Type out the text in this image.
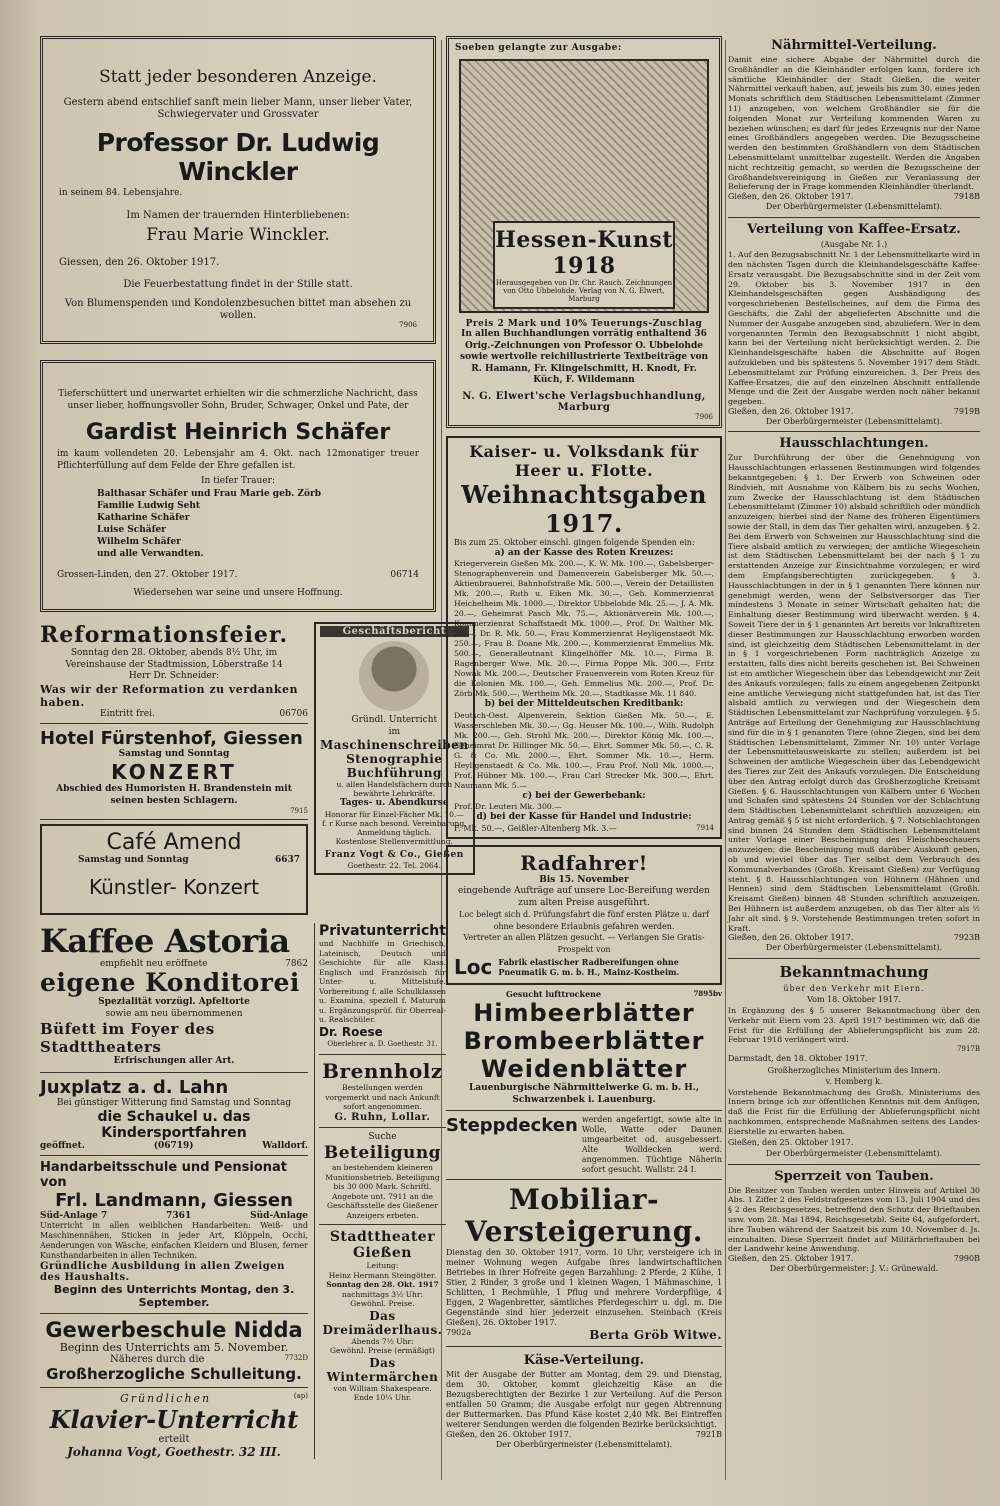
Statt jeder besonderen Anzeige.

Gestern abend entschlief sanft mein lieber Mann, unser lieber Vater, Schwiegervater und Grossvater

Professor Dr. Ludwig Winckler

in seinem 84. Lebensjahre.

Im Namen der trauernden Hinterbliebenen:

Frau Marie Winckler.

Giessen, den 26. Oktober 1917.

Die Feuerbestattung findet in der Stille statt.

Von Blumenspenden und Kondolenzbesuchen bittet man absehen zu wollen.

7906

Tieferschüttert und unerwartet erhielten wir die schmerzliche Nachricht, dass unser lieber, hoffnungsvoller Sohn, Bruder, Schwager, Onkel und Pate, der

Gardist Heinrich Schäfer

im kaum vollendeten 20. Lebensjahr am 4. Okt. nach 12monatiger treuer Pflichterfüllung auf dem Felde der Ehre gefallen ist.

In tiefer Trauer:

Balthasar Schäfer und Frau Marie geb. Zörb

Familie Ludwig Seht

Katharine Schäfer

Luise Schäfer

Wilhelm Schäfer

und alle Verwandten.

Grossen-Linden, den 27. Oktober 1917.	06714

Wiedersehen war seine und unsere Hoffnung.

Reformationsfeier.

Sonntag den 28. Oktober, abends 8½ Uhr, im Vereinshause der Stadtmission, Löberstraße 14

Herr Dr. Schneider:

Was wir der Reformation zu verdanken haben.

Eintritt frei.	06706

Hotel Fürstenhof, Giessen

Samstag und Sonntag

KONZERT

Abschied des Humoristen H. Brandenstein mit seinen besten Schlagern.

7915

Café Amend

Samstag und Sonntag	6637

Künstler- Konzert

Geschäftsbericht

Gründl. Unterricht

im

Maschinenschreiben

Stenographie

Buchführung

u. allen Handelsfächern durch bewährte Lehrkräfte.

Tages- u. Abendkurse

Honorar für Einzel-Fächer Mk. 10.—

f. r Kurse nach besond. Vereinbarung.

Anmeldung täglich.

Kostenlose Stellenvermittlung.

Franz Vogt & Co., Gießen

Goethestr. 22. Tel. 2064.

Kaffee Astoria

empfiehlt neu eröffnete	7862

eigene Konditorei

Spezialität vorzügl. Apfeltorte

sowie am neu übernommenen

Büfett im Foyer des Stadttheaters

Erfrischungen aller Art.

Juxplatz a. d. Lahn

Bei günstiger Witterung find Samstag und Sonntag

die Schaukel u. das Kindersportfahren

geöffnet.	(06719)	Walldorf.

Handarbeitsschule und Pensionat von

Frl. Landmann, Giessen

Süd-Anlage 7	7361	Süd-Anlage

Unterricht in allen weiblichen Handarbeiten: Weiß- und Maschinennähen, Sticken in jeder Art, Klöppeln, Occhi, Aenderungen von Wäsche, einfachen Kleidern und Blusen, ferner Kunsthandarbeiten in allen Techniken.

Gründliche Ausbildung in allen Zweigen des Haushalts.

Beginn des Unterrichts Montag, den 3. September.

Gewerbeschule Nidda

Beginn des Unterrichts am 5. November.

Näheres durch die	7732D

Großherzogliche Schulleitung.

Gründlichen	(ap)

Klavier-Unterricht

erteilt

Johanna Vogt, Goethestr. 32 III.

Privatunterricht

und Nachhilfe in Griechisch, Lateinisch, Deutsch und Geschichte für alle Klass. Englisch und Französisch für Unter- u. Mittelstufe. Vorbereitung f. alle Schulklassen u. Examina, speziell f. Maturum u. Ergänzungsprüf. für Oberreal- u. Realschüler.

Dr. Roese

Oberlehrer a. D. Goethestr. 31.

Brennholz

Bestellungen werden vorgemerkt und nach Ankunft sofort angenommen.

G. Ruhn, Lollar.

Suche

Beteiligung

an bestehendem kleineren Munitionsbetrieb. Beteiligung bis 30 000 Mark. Schriftl. Angebote unt. 7911 an die Geschäftsstelle des Gießener Anzeigers erbeten.

Stadttheater Gießen

Leitung:

Heinz Hermann Steingötter.

Sonntag den 28. Okt. 1917

nachmittags 3½ Uhr:

Gewöhnl. Preise.

Das Dreimäderlhaus.

Abends 7½ Uhr:

Gewöhnl. Preise (ermäßigt)

Das Wintermärchen

von William Shakespeare.

Ende 10¼ Uhr.

Soeben gelangte zur Ausgabe:

Hessen-Kunst 1918

Herausgegeben von Dr. Chr. Rauch. Zeichnungen von Otto Ubbelohde. Verlag von N. G. Elwert, Marburg

Preis 2 Mark und 10% Teuerungs-Zuschlag

In allen Buchhandlungen vorrätig enthaltend 36 Orig.-Zeichnungen von Professor O. Ubbelohde sowie wertvolle reichillustrierte Textbeiträge von R. Hamann, Fr. Klingelschmitt, H. Knodt, Fr. Küch, F. Wildemann

N. G. Elwert'sche Verlagsbuchhandlung, Marburg

7906

Kaiser- u. Volksdank für Heer u. Flotte.

Weihnachtsgaben 1917.

Bis zum 25. Oktober einschl. gingen folgende Spenden ein:

a) an der Kasse des Roten Kreuzes:

Kriegerverein Gießen Mk. 200.—, K. W. Mk. 100.—, Gabelsberger-Stenographenverein und Damenverein Gabelsberger Mk. 50.—, Aktienbrauerei, Bahnhofstraße Mk. 500.—, Verein der Detaillisten Mk. 200.—, Ruth u. Eiken Mk. 30.—, Geh. Kommerzienrat Heichelheim Mk. 1000.—, Direktor Ubbelohde Mk. 25.—, J. A. Mk. 20.—, Geheimrat Pasch Mk. 75.—, Aktionärverein Mk. 100.—, Kommerzienrat Schaffstaedt Mk. 1000.—, Prof. Dr. Walther Mk. 20.—, Dr. R. Mk. 50.—, Frau Kommerzienrat Heyligenstaedt Mk. 250.—, Frau B. Doane Mk. 200.—, Kommerzienrat Emmelius Mk. 500.—, Generalleutnant Klingelhöffer Mk. 10.—, Firma B. Ragenberger Wwe. Mk. 20.—, Firma Poppe Mk. 300.—, Fritz Nowak Mk. 200.—, Deutscher Frauenverein vom Roten Kreuz für die Kolonien Mk. 100.—, Geh. Emmelius Mk. 200.—, Prof. Dr. Zörb Mk. 500.—, Wertheim Mk. 20.—, Stadtkasse Mk. 11 840.

b) bei der Mitteldeutschen Kreditbank:

Deutsch-Oest. Alpenverein, Sektion Gießen Mk. 50.—, E. Wasserschleben Mk. 30.—, Gg. Heuser Mk. 100.—, Wilh. Rudolph Mk. 200.—, Geh. Strohl Mk. 200.—, Direktor König Mk. 100.—, Geheimrat Dr. Hillinger Mk. 50.—, Ehrt. Sommer Mk. 50.—, C. R. G. & Co. Mk. 2000.—, Ehrt. Sommer Mk. 10.—, Herm. Heyligenstaedt & Co. Mk. 100.—, Frau Prof. Noll Mk. 1000.—, Prof. Hübner Mk. 100.—, Frau Carl Strecker Mk. 300.—, Ehrt. Naumann Mk. 5.—

c) bei der Gewerbebank:

Prof. Dr. Leuteri Mk. 300.—

d) bei der Kasse für Handel und Industrie:

F. Mk. 50.—, Geißler-Altenberg Mk. 3.—	7914

Radfahrer!

Bis 15. November

eingehende Aufträge auf unsere Loc-Bereifung werden zum alten Preise ausgeführt.

Loc belegt sich d. Prüfungsfahrt die fünf ersten Plätze u. darf ohne besondere Erlaubnis gefahren werden.

Vertreter an allen Plätzen gesucht. — Verlangen Sie Gratis-Prospekt von

Loc Fabrik elastischer Radbereifungen ohne Pneumatik G. m. b. H., Mainz-Kostheim.
Gesucht lufttrockene	7895bv

Himbeerblätter

Brombeerblätter

Weidenblätter

Lauenburgische Nährmittelwerke G. m. b. H., Schwarzenbek i. Lauenburg.

Steppdecken werden angefertigt, sowie alte in Wolle, Watte oder Daunen umgearbeitet od. ausgebessert. Alte Wolldecken werd. angenommen. Tüchtige Näherin sofort gesucht. Wallstr. 24 I.

Mobiliar-

Versteigerung.

Dienstag den 30. Oktober 1917, vorm. 10 Uhr, versteigere ich in meiner Wohnung wegen Aufgabe ihres landwirtschaftlichen Betriebes in ihrer Hofreite gegen Barzahlung: 2 Pferde, 2 Kühe, 1 Stier, 2 Rinder, 3 große und 1 kleinen Wagen, 1 Mähmaschine, 1 Schlitten, 1 Rechmühle, 1 Pflug und mehrere Vorderpflüge, 4 Eggen, 2 Wagenbretter, sämtliches Pferdegeschirr u. dgl. m. Die Gegenstände sind hier jederzeit einzusehen. Steinbach (Kreis Gießen), 26. Oktober 1917.

7902a	Berta Gröb Witwe.

Käse-Verteilung.

Mit der Ausgabe der Butter am Montag, dem 29. und Dienstag, dem 30. Oktober, kommt gleichzeitig Käse an die Bezugsberechtigten der Bezirke 1 zur Verteilung. Auf die Person entfallen 50 Gramm; die Ausgabe erfolgt nur gegen Abtrennung der Buttermarken. Das Pfund Käse kostet 2,40 Mk. Bei Eintreffen weiterer Sendungen werden die folgenden Bezirke berücksichtigt.

Gießen, den 26. Oktober 1917.	7921B

Der Oberbürgermeister (Lebensmittelamt).

Nährmittel-Verteilung.

Damit eine sichere Abgabe der Nährmittel durch die Großhändler an die Kleinhändler erfolgen kann, fordere ich sämtliche Kleinhändler der Stadt Gießen, die weiter Nährmittel verkauft haben, auf, jeweils bis zum 30. eines jeden Monats schriftlich dem Städtischen Lebensmittelamt (Zimmer 11) anzugeben, von welchem Großhändler sie für die folgenden Monat zur Verteilung kommenden Waren zu beziehen wünschen; es darf für jedes Erzeugnis nur der Name eines Großhändlers angegeben werden. Die Bezugsscheine werden den bestimmten Großhändlern von dem Städtischen Lebensmittelamt unmittelbar zugestellt. Werden die Angaben nicht rechtzeitig gemacht, so werden die Bezugsscheine der Großhandelsvereinigung in Gießen zur Veranlassung der Belieferung der in Frage kommenden Kleinhändler überlandt.

Gießen, den 26. Oktober 1917.	7918B

Der Oberbürgermeister (Lebensmittelamt).

Verteilung von Kaffee-Ersatz.

(Ausgabe Nr. 1.)

1. Auf den Bezugsabschnitt Nr. 1 der Lebensmittelkarte wird in den nächsten Tagen durch die Kleinhandelsgeschäfte Kaffee-Ersatz verausgabt. Die Bezugsabschnitte sind in der Zeit vom 29. Oktober bis 3. November 1917 in den Kleinhandelsgeschäften gegen Aushändigung des vorgeschriebenen Bestellscheines, auf dem die Firma des Geschäfts, die Zahl der abgelieferten Abschnitte und die Nummer der Ausgabe anzugeben sind, abzuliefern. Wer in dem vorgenannten Termin den Bezugsabschnitt 1 nicht abgibt, kann bei der Verteilung nicht berücksichtigt werden. 2. Die Kleinhandelsgeschäfte haben die Abschnitte auf Bogen aufzukleben und bis spätestens 5. November 1917 dem Städt. Lebensmittelamt zur Prüfung einzureichen. 3. Der Preis des Kaffee-Ersatzes, die auf den einzelnen Abschnitt entfallende Menge und die Zeit der Ausgabe werden noch näher bekannt gegeben.

Gießen, den 26. Oktober 1917.	7919B

Der Oberbürgermeister (Lebensmittelamt).

Hausschlachtungen.

Zur Durchführung der über die Genehmigung von Hausschlachtungen erlassenen Bestimmungen wird folgendes bekanntgegeben: § 1. Der Erwerb von Schweinen oder Rindvieh, mit Ausnahme von Kälbern bis zu sechs Wochen, zum Zwecke der Hausschlachtung ist dem Städtischen Lebensmittelamt (Zimmer 10) alsbald schriftlich oder mündlich anzuzeigen; hierbei sind der Name des früheren Eigentümers sowie der Stall, in dem das Tier gehalten wird, anzugeben. § 2. Bei dem Erwerb von Schweinen zur Hausschlachtung sind die Tiere alsbald amtlich zu verwiegen; der amtliche Wiegeschein ist dem Städtischen Lebensmittelamt bei der nach § 1 zu erstattenden Anzeige zur Einsichtnahme vorzulegen; er wird dem Empfangsberechtigten zurückgegeben. § 3. Hausschlachtungen in der in § 1 genannten Tiere können nur genehmigt werden, wenn der Selbstversorger das Tier mindestens 3 Monate in seiner Wirtschaft gehalten hat; die Einhaltung dieser Bestimmung wird überwacht werden. § 4. Soweit Tiere der in § 1 genannten Art bereits vor Inkrafttreten dieser Bestimmungen zur Hausschlachtung erworben worden sind, ist gleichzeitig dem Städtischen Lebensmittelamt in der in § 1 vorgeschriebenen Form nachträglich Anzeige zu erstatten, falls dies nicht bereits geschehen ist. Bei Schweinen ist ein amtlicher Wiegeschein über das Lebendgewicht zur Zeit des Ankaufs vorzulegen; falls zu einem angegebenen Zeitpunkt eine amtliche Verwiegung nicht stattgefunden hat, ist das Tier alsbald amtlich zu verwiegen und der Wiegeschein dem Städtischen Lebensmittelamt zur Nachprüfung vorzulegen. § 5. Anträge auf Erteilung der Genehmigung zur Hausschlachtung sind für die in § 1 genannten Tiere (ohne Ziegen, sind bei dem Städtischen Lebensmittelamt, Zimmer Nr. 10) unter Vorlage der Lebensmittelausweiskarte zu stellen; außerdem ist bei Schweinen der amtliche Wiegeschein über das Lebendgewicht des Tieres zur Zeit des Ankaufs vorzulegen. Die Entscheidung über den Antrag erfolgt durch das Großherzogliche Kreisamt Gießen. § 6. Hausschlachtungen von Kälbern unter 6 Wochen und Schafen sind spätestens 24 Stunden vor der Schlachtung dem Städtischen Lebensmittelamt schriftlich anzuzeigen; ein Antrag gemäß § 5 ist nicht erforderlich. § 7. Notschlachtungen sind binnen 24 Stunden dem Städtischen Lebensmittelamt unter Vorlage einer Bescheinigung des Fleischbeschauers anzuzeigen; die Bescheinigung muß darüber Auskunft geben, ob und wieviel über das Tier selbst dem Verbrauch des Kommunalverbandes (Großh. Kreisamt Gießen) zur Verfügung steht. § 8. Hausschlachtungen von Hühnern (Hähnen und Hennen) sind dem Städtischen Lebensmittelamt (Großh. Kreisamt Gießen) binnen 48 Stunden schriftlich anzuzeigen. Bei Hühnern ist außerdem anzugeben, ob das Tier älter als ½ Jahr alt sind. § 9. Vorstehende Bestimmungen treten sofort in Kraft.

Gießen, den 26. Oktober 1917.	7923B

Der Oberbürgermeister (Lebensmittelamt).

Bekanntmachung

über den Verkehr mit Eiern.

Vom 18. Oktober 1917.

In Ergänzung des § 5 unserer Bekanntmachung über den Verkehr mit Eiern vom 23. April 1917 bestimmen wir, daß die Frist für die Erfüllung der Ablieferungspflicht bis zum 28. Februar 1918 verlängert wird.

7917B

Darmstadt, den 18. Oktober 1917.

Großherzogliches Ministerium des Innern.

v. Homberg k.

Vorstehende Bekanntmachung des Großh. Ministeriums des Innern bringe ich zur öffentlichen Kenntnis mit dem Anfügen, daß die Frist für die Erfüllung der Ablieferungspflicht nicht nachkommen, entsprechende Maßnahmen seitens des Landes-Eierstelle zu erwarten haben.

Gießen, den 25. Oktober 1917.

Der Oberbürgermeister (Lebensmittelamt).

Sperrzeit von Tauben.

Die Besitzer von Tauben werden unter Hinweis auf Artikel 30 Abs. 1 Ziffer 2 des Feldstrafgesetzes vom 13. Juli 1904 und des § 2 des Reichsgesetzes, betreffend den Schutz der Brieftauben usw. vom 28. Mai 1894, Reichsgesetzbl. Seite 64, aufgefordert, ihre Tauben während der Saatzeit bis zum 10. November d. Js. einzuhalten. Diese Sperrzeit findet auf Militärbrieftauben bei der Landwehr keine Anwendung.

Gießen, den 25. Oktober 1917.	7990B

Der Oberbürgermeister: J. V.: Grünewald.
